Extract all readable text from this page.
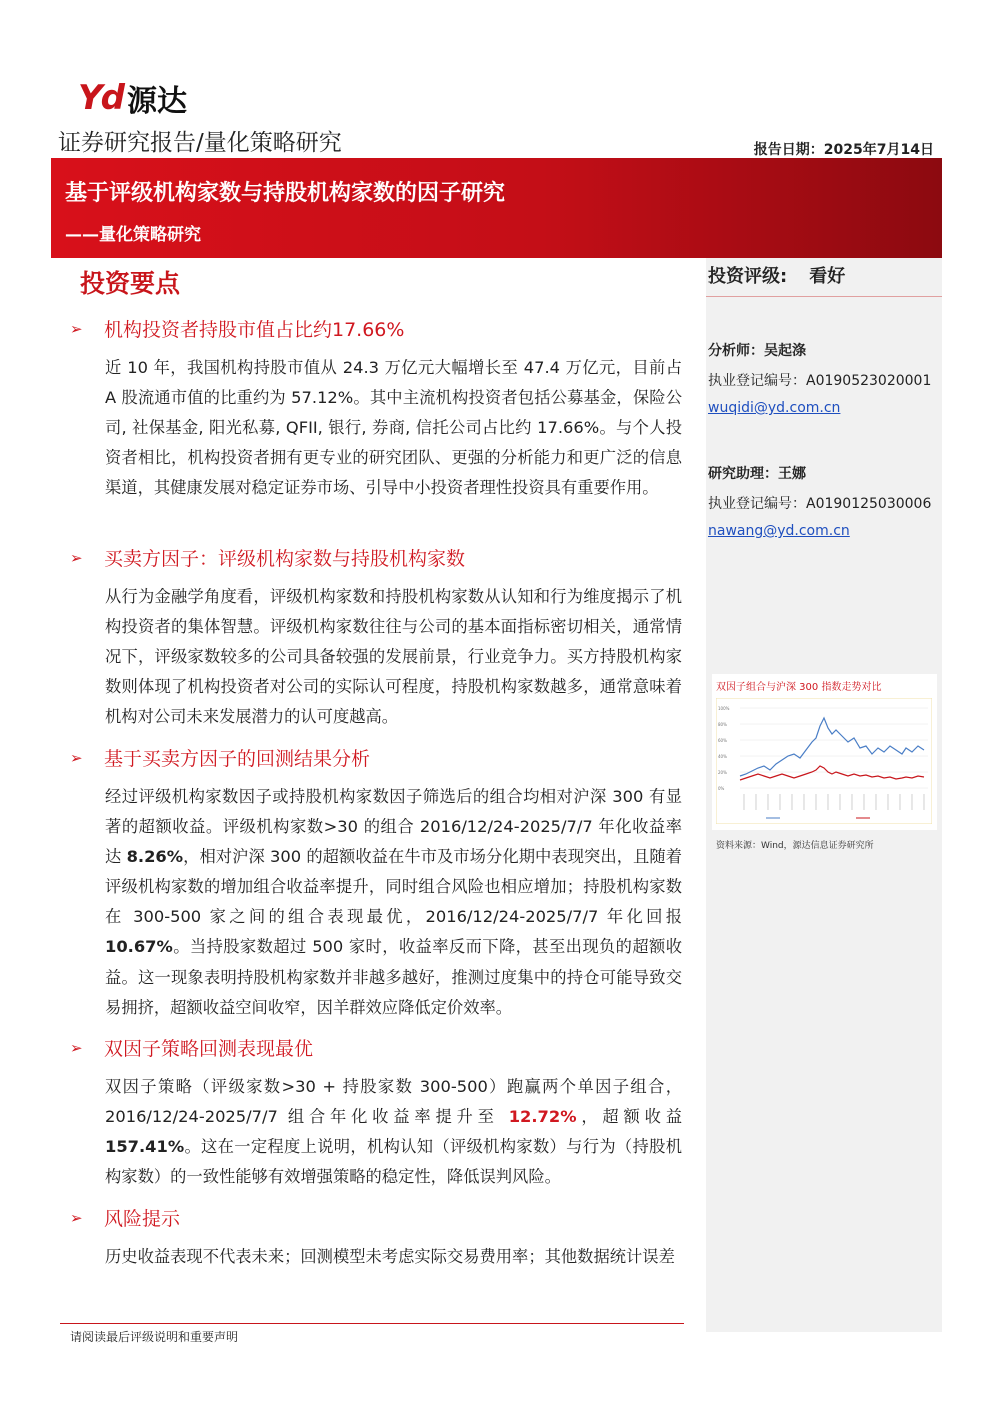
Yd 源达
证券研究报告/量化策略研究	报告日期：2025年7月14日
基于评级机构家数与持股机构家数的因子研究
——量化策略研究
投资评级: 看好
分析师：吴起涤
执业登记编号：A0190523020001
wuqidi@yd.com.cn
研究助理：王娜
执业登记编号：A0190125030006
nawang@yd.com.cn
双因子组合与沪深 300 指数走势对比
100%
80%
60%
40%
20%
0%
资料来源：Wind，源达信息证券研究所
投资要点
➢	机构投资者持股市值占比约17.66%

近 10 年，我国机构持股市值从 24.3 万亿元大幅增长至 47.4 万亿元，目前占 A 股流通市值的比重约为 57.12%。其中主流机构投资者包括公募基金，保险公司, 社保基金, 阳光私募, QFII, 银行, 券商, 信托公司占比约 17.66%。与个人投资者相比，机构投资者拥有更专业的研究团队、更强的分析能力和更广泛的信息渠道，其健康发展对稳定证券市场、引导中小投资者理性投资具有重要作用。

➢	买卖方因子：评级机构家数与持股机构家数

从行为金融学角度看，评级机构家数和持股机构家数从认知和行为维度揭示了机构投资者的集体智慧。评级机构家数往往与公司的基本面指标密切相关，通常情况下，评级家数较多的公司具备较强的发展前景，行业竞争力。买方持股机构家数则体现了机构投资者对公司的实际认可程度，持股机构家数越多，通常意味着机构对公司未来发展潜力的认可度越高。

➢	基于买卖方因子的回测结果分析

经过评级机构家数因子或持股机构家数因子筛选后的组合均相对沪深 300 有显著的超额收益。评级机构家数>30 的组合 2016/12/24-2025/7/7 年化收益率达 8.26%，相对沪深 300 的超额收益在牛市及市场分化期中表现突出，且随着评级机构家数的增加组合收益率提升，同时组合风险也相应增加；持股机构家数在 300-500 家之间的组合表现最优，2016/12/24-2025/7/7 年化回报 10.67%。当持股家数超过 500 家时，收益率反而下降，甚至出现负的超额收益。这一现象表明持股机构家数并非越多越好，推测过度集中的持仓可能导致交易拥挤，超额收益空间收窄，因羊群效应降低定价效率。

➢	双因子策略回测表现最优

双因子策略（评级家数>30 + 持股家数 300-500）跑赢两个单因子组合，2016/12/24-2025/7/7 组合年化收益率提升至 12.72%，超额收益 157.41%。这在一定程度上说明，机构认知（评级机构家数）与行为（持股机构家数）的一致性能够有效增强策略的稳定性，降低误判风险。

➢	风险提示

历史收益表现不代表未来；回测模型未考虑实际交易费用率；其他数据统计误差

请阅读最后评级说明和重要声明
